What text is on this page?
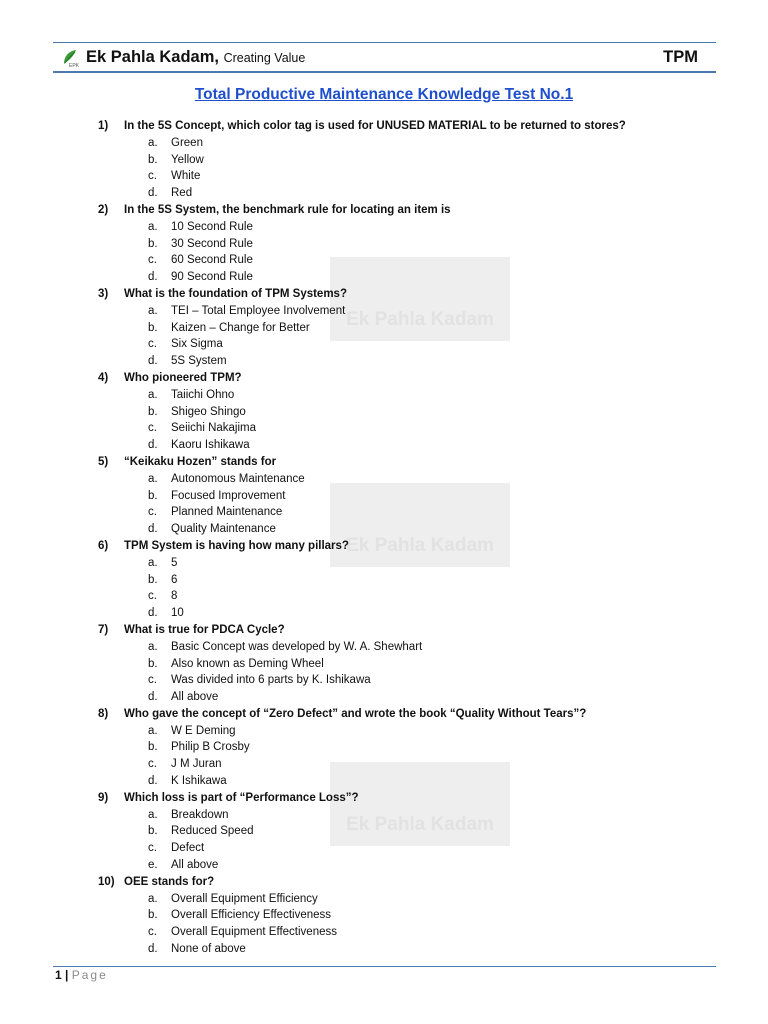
EPK Ek Pahla Kadam, Creating Value	TPM
Total Productive Maintenance Knowledge Test No.1
Ek Pahla Kadam
Ek Pahla Kadam
Ek Pahla Kadam
1) In the 5S Concept, which color tag is used for UNUSED MATERIAL to be returned to stores?
a. Green
b. Yellow
c. White
d. Red
2) In the 5S System, the benchmark rule for locating an item is
a. 10 Second Rule
b. 30 Second Rule
c. 60 Second Rule
d. 90 Second Rule
3) What is the foundation of TPM Systems?
a. TEI – Total Employee Involvement
b. Kaizen – Change for Better
c. Six Sigma
d. 5S System
4) Who pioneered TPM?
a. Taiichi Ohno
b. Shigeo Shingo
c. Seiichi Nakajima
d. Kaoru Ishikawa
5) “Keikaku Hozen” stands for
a. Autonomous Maintenance
b. Focused Improvement
c. Planned Maintenance
d. Quality Maintenance
6) TPM System is having how many pillars?
a. 5
b. 6
c. 8
d. 10
7) What is true for PDCA Cycle?
a. Basic Concept was developed by W. A. Shewhart
b. Also known as Deming Wheel
c. Was divided into 6 parts by K. Ishikawa
d. All above
8) Who gave the concept of “Zero Defect” and wrote the book “Quality Without Tears”?
a. W E Deming
b. Philip B Crosby
c. J M Juran
d. K Ishikawa
9) Which loss is part of “Performance Loss”?
a. Breakdown
b. Reduced Speed
c. Defect
e. All above
10) OEE stands for?
a. Overall Equipment Efficiency
b. Overall Efficiency Effectiveness
c. Overall Equipment Effectiveness
d. None of above
1 | Page
